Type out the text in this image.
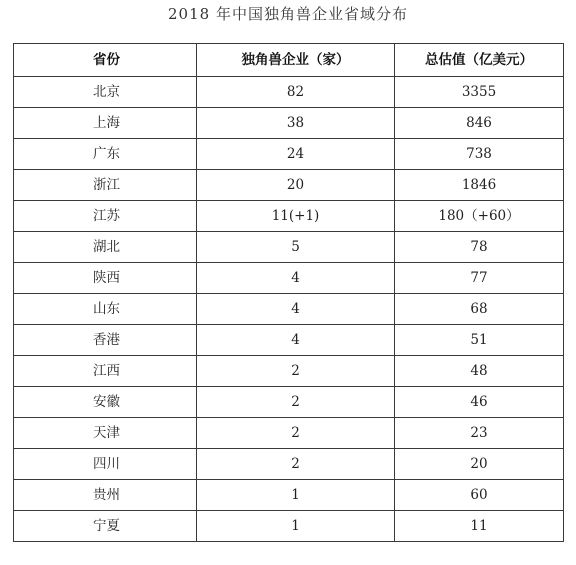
2018 年中国独角兽企业省域分布
省份	独角兽企业（家）	总估值（亿美元）
北京	82	3355
上海	38	846
广东	24	738
浙江	20	1846
江苏	11(+1)	180（+60）
湖北	5	78
陕西	4	77
山东	4	68
香港	4	51
江西	2	48
安徽	2	46
天津	2	23
四川	2	20
贵州	1	60
宁夏	1	11
